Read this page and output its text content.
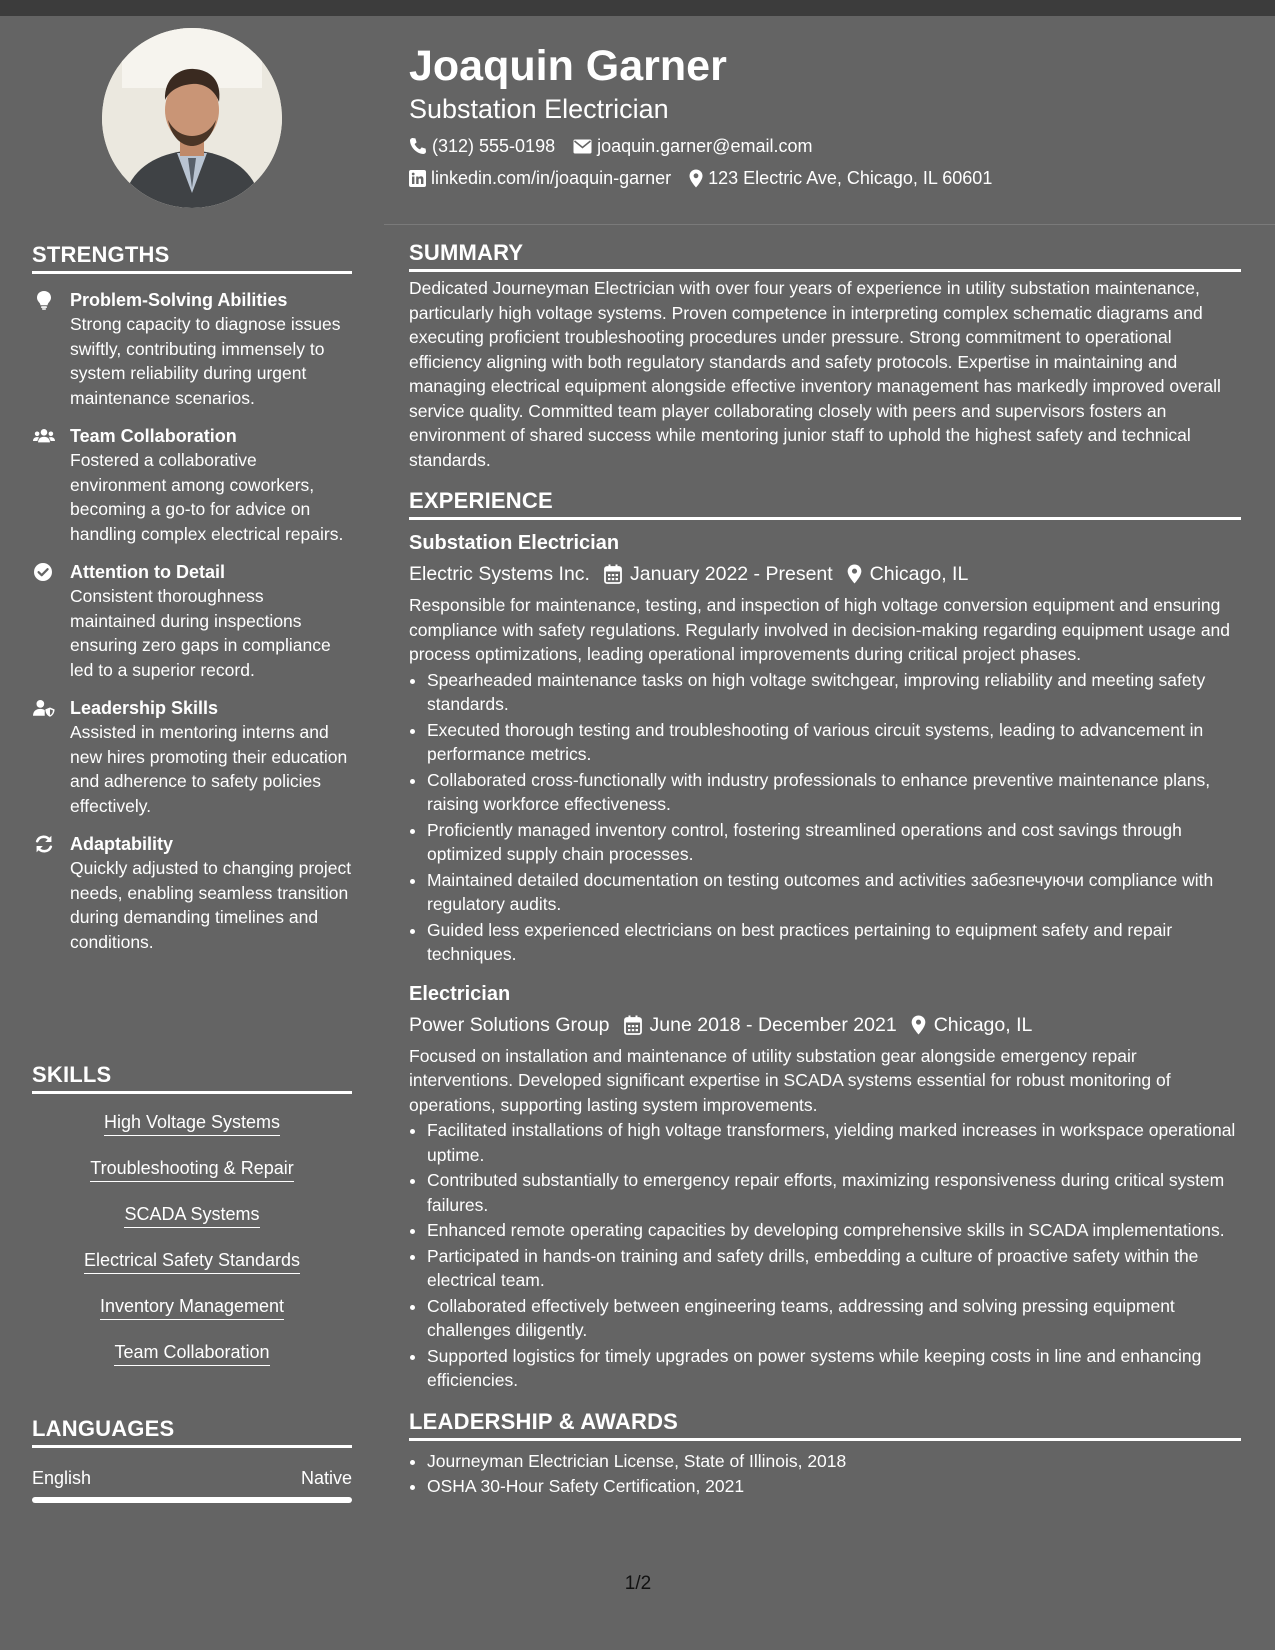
STRENGTHS
Problem-Solving Abilities
Strong capacity to diagnose issues swiftly, contributing immensely to system reliability during urgent maintenance scenarios.
Team Collaboration
Fostered a collaborative environment among coworkers, becoming a go-to for advice on handling complex electrical repairs.
Attention to Detail
Consistent thoroughness maintained during inspections ensuring zero gaps in compliance led to a superior record.
Leadership Skills
Assisted in mentoring interns and new hires promoting their education and adherence to safety policies effectively.
Adaptability
Quickly adjusted to changing project needs, enabling seamless transition during demanding timelines and conditions.
SKILLS
High Voltage Systems
Troubleshooting & Repair
SCADA Systems
Electrical Safety Standards
Inventory Management
Team Collaboration
LANGUAGES
English	Native
Joaquin Garner
Substation Electrician
(312) 555-0198 joaquin.garner@email.com
linkedin.com/in/joaquin-garner 123 Electric Ave, Chicago, IL 60601
SUMMARY

Dedicated Journeyman Electrician with over four years of experience in utility substation maintenance, particularly high voltage systems. Proven competence in interpreting complex schematic diagrams and executing proficient troubleshooting procedures under pressure. Strong commitment to operational efficiency aligning with both regulatory standards and safety protocols. Expertise in maintaining and managing electrical equipment alongside effective inventory management has markedly improved overall service quality. Committed team player collaborating closely with peers and supervisors fosters an environment of shared success while mentoring junior staff to uphold the highest safety and technical standards.

EXPERIENCE
Substation Electrician
Electric Systems Inc. January 2022 - Present Chicago, IL

Responsible for maintenance, testing, and inspection of high voltage conversion equipment and ensuring compliance with safety regulations. Regularly involved in decision-making regarding equipment usage and process optimizations, leading operational improvements during critical project phases.

• Spearheaded maintenance tasks on high voltage switchgear, improving reliability and meeting safety standards.
• Executed thorough testing and troubleshooting of various circuit systems, leading to advancement in performance metrics.
• Collaborated cross-functionally with industry professionals to enhance preventive maintenance plans, raising workforce effectiveness.
• Proficiently managed inventory control, fostering streamlined operations and cost savings through optimized supply chain processes.
• Maintained detailed documentation on testing outcomes and activities забезпечуючи compliance with regulatory audits.
• Guided less experienced electricians on best practices pertaining to equipment safety and repair techniques.
Electrician
Power Solutions Group June 2018 - December 2021 Chicago, IL

Focused on installation and maintenance of utility substation gear alongside emergency repair interventions. Developed significant expertise in SCADA systems essential for robust monitoring of operations, supporting lasting system improvements.

• Facilitated installations of high voltage transformers, yielding marked increases in workspace operational uptime.
• Contributed substantially to emergency repair efforts, maximizing responsiveness during critical system failures.
• Enhanced remote operating capacities by developing comprehensive skills in SCADA implementations.
• Participated in hands-on training and safety drills, embedding a culture of proactive safety within the electrical team.
• Collaborated effectively between engineering teams, addressing and solving pressing equipment challenges diligently.
• Supported logistics for timely upgrades on power systems while keeping costs in line and enhancing efficiencies.
LEADERSHIP & AWARDS
• Journeyman Electrician License, State of Illinois, 2018
• OSHA 30-Hour Safety Certification, 2021
1/2
